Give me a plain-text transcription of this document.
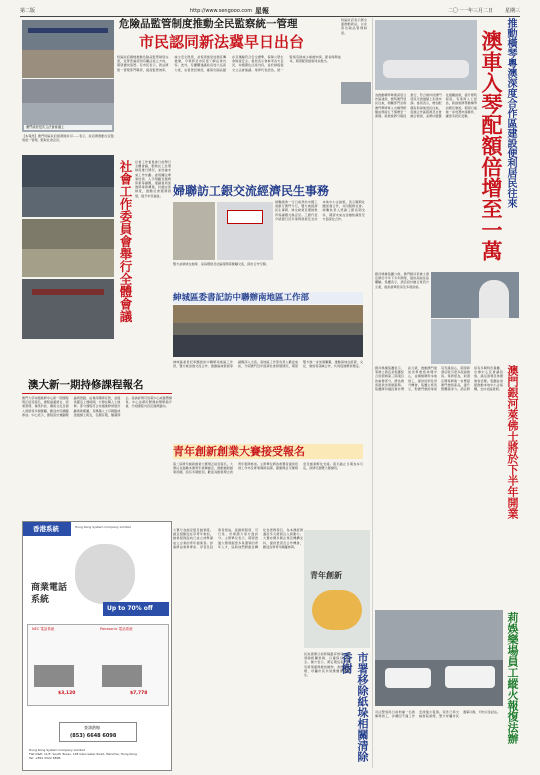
第二版	http://www.sengooo.com 星報	二〇一一年三月二日 星期三
澳門政府是次立法會會議上
危險品監管制度推動全民監察統一管理
市民認同新法冀早日出台
特區政府積極推動危險品監管制度完善，民眾普遍認同有關法案之方向，期望盡快落實。有市民表示，新法將統一管理部門職責，提高監管效率，減少安全隱患，並希望當局加強宣傳推廣，令業界及市民更了解法律內容。此外，有團體建議政府加大巡查力度，完善登記制度，確保危險品儲存及運輸符合安全標準，保障公眾生命財產安全。當局表示會參考各方意見，持續優化法案內容，並於稍後提交立法會審議。業界代表認為，統一監察有助減少重複申請，節省時間成本，期望配套措施同步推出。
【本報訊】澳門特區政府經濟財政司……表示，政府將推動全民監察統一管理，聽取社會意見。
特區政府表示將全面推動新法，以完善危險品管理制度。
社會工作委員會舉行全體會議 社會工作委員會日前舉行全體會議，聽取社工註冊制度推行情況，並討論未來工作計劃。委員關注專業培訓、人手規劃及服務質素等議題，建議當局加強與業界溝通，持續完善制度，推動社會服務發展，提升市民福祉。 婦聯訪工銀交流經濟民生事務
婦聯總會一行日前拜訪中國工商銀行澳門分行，雙方就經濟民生事務、婦女就業及理財教育等議題交換意見。工銀代表介紹銀行近年業務發展及支持本地中小企措施，表示願與社團加強合作，共同服務社會。婦聯負責人感謝工銀長期支持，期望未來在金融知識普及方面深化合作。
雙方並就婦女創業、家庭理財及社區服務等範疇交流，探討合作空間。
紳城區委書記訪中聯辦南地區工作部
紳城區委書記率團到訪中聯辦南地區工作部，雙方就加強交流合作、推動區域發展等議題深入交流。南地區工作部負責人歡迎來訪，介紹澳門近年經濟社會發展情況，期望雙方進一步加強聯繫，推動兩地在經貿、文化、旅遊等領域合作，共同促進繁榮穩定。
澳大新一期持修課程報名
澳門大學持續進修中心新一期課程現正接受報名，課程涵蓋語言、商業管理、資訊科技、藝術文化及個人發展等多個範疇，歡迎市民踴躍參加。中心表示，課程設計兼顧理論與實踐，由資深導師任教，並提供靈活上課時間，方便在職人士進修。部分課程符合持續進修發展計劃資助範圍，有興趣人士可親臨或透過網上報名，名額有限，額滿即止。查詢詳情可致電中心或瀏覽網頁。中心並將於開課前舉辦簡介會，介紹課程內容及進修路向。
青年創新創業大賽接受報名
第二屆青年創新創業大賽現正接受報名，大賽旨在鼓勵本澳青年發揮創意，推動創新創業氛圍，設有多個組別，歡迎具創業理念的青年組隊參加。主辦單位將為參賽者提供培訓工作坊及專業導師指導，優勝隊伍可獲獎金及創業孵化支援。報名截止日期為本月底，詳情可瀏覽大賽網頁。
大賽分為創意組及創業組，創意組歡迎在學青年參加，創業組則面向已成立或準備成立企業的青年創業者。評審將由業界專家、學者及投資者組成，從創新程度、可行性、市場潛力等方面評分。主辦單位表示，期望透過大賽發掘更多具潛質的青年人才，協助他們將創意轉化為實際項目，為本澳經濟適度多元發展注入新動力。大賽亦獲多間企業及機構支持，提供實習及合作機會，歡迎各界青年踴躍參與。
青年創新
市署移除紙垛相關清除香樹
民政總署日前移除路旁紙垛，並清除相關香樹，以確保行人安全。署方表示，將定期巡查，如有發現違規堆放雜物，會依法處理，呼籲市民共同維護環境衛生。
香港系統	Hong Kong System Company Limited
商業電話系統
Up to 70% off
NEC 電話系統	Panasonic 電話系統
$3,120	$7,778
查詢熱線
(853) 6648 6098
Hong Kong System Company Limited
Flat D&E, 11/F, South Tower, 128 Gloucester Road, Wanchai, Hong Kong
Tel: +852 2522 6898
推動橫琴粵澳深度合作區建設便利居民往來
澳車入琴配額倍增至一萬
為推動橫琴粵澳深度合作區建設，便利澳門居民往來，相關部門宣佈澳門單牌車入出橫琴配額由現時五千個增至一萬個。新措施將分階段推行，符合條件的澳門居民可透過網上系統申請。當局表示，增加配額有助兩地居民往來，促進合作區經濟及社會融合發展，並將持續優化通關措施，提升便利程度。有業界人士認為，新措施將帶動橫琴消費及旅遊，期望日後進一步放寬申請條件，讓更多居民受惠。
澳門銀河萊佛士將於下半年開業
銀河娛樂集團公佈，澳門銀河萊佛士酒店將於今年下半年開業，提供高端住宿體驗。集團表示，酒店設計融合東西方元素，提供豪華套房及多項設施。
銀河娛樂集團表示，萊佛士酒店是集團綜合度假城第三期項目的重要部分，將為旅客提供世界級服務。集團將持續投資非博彩元素，推動澳門建設世界旅遊休閒中心，並積極聘用本地員工，提供培訓及晉升機會。集團主席表示，對澳門旅遊業前景充滿信心，期望新酒店吸引更多高端旅客。業界認為，新酒店開業將進一步豐富澳門旅遊產品，提升整體競爭力。酒店將設有多間特色餐廳、水療中心及會議設施，滿足商務及休閒旅客需要。集團並承諾推動本地中小企採購，支持社區發展。
司法警察局日前拘捕一名娛樂場員工，涉嫌因不滿工作安排縱火報復。案件已移交檢察院處理，警方呼籲市民遇事冷靜，切勿以身試法。 莉娛樂場員工縱火報復法辦
